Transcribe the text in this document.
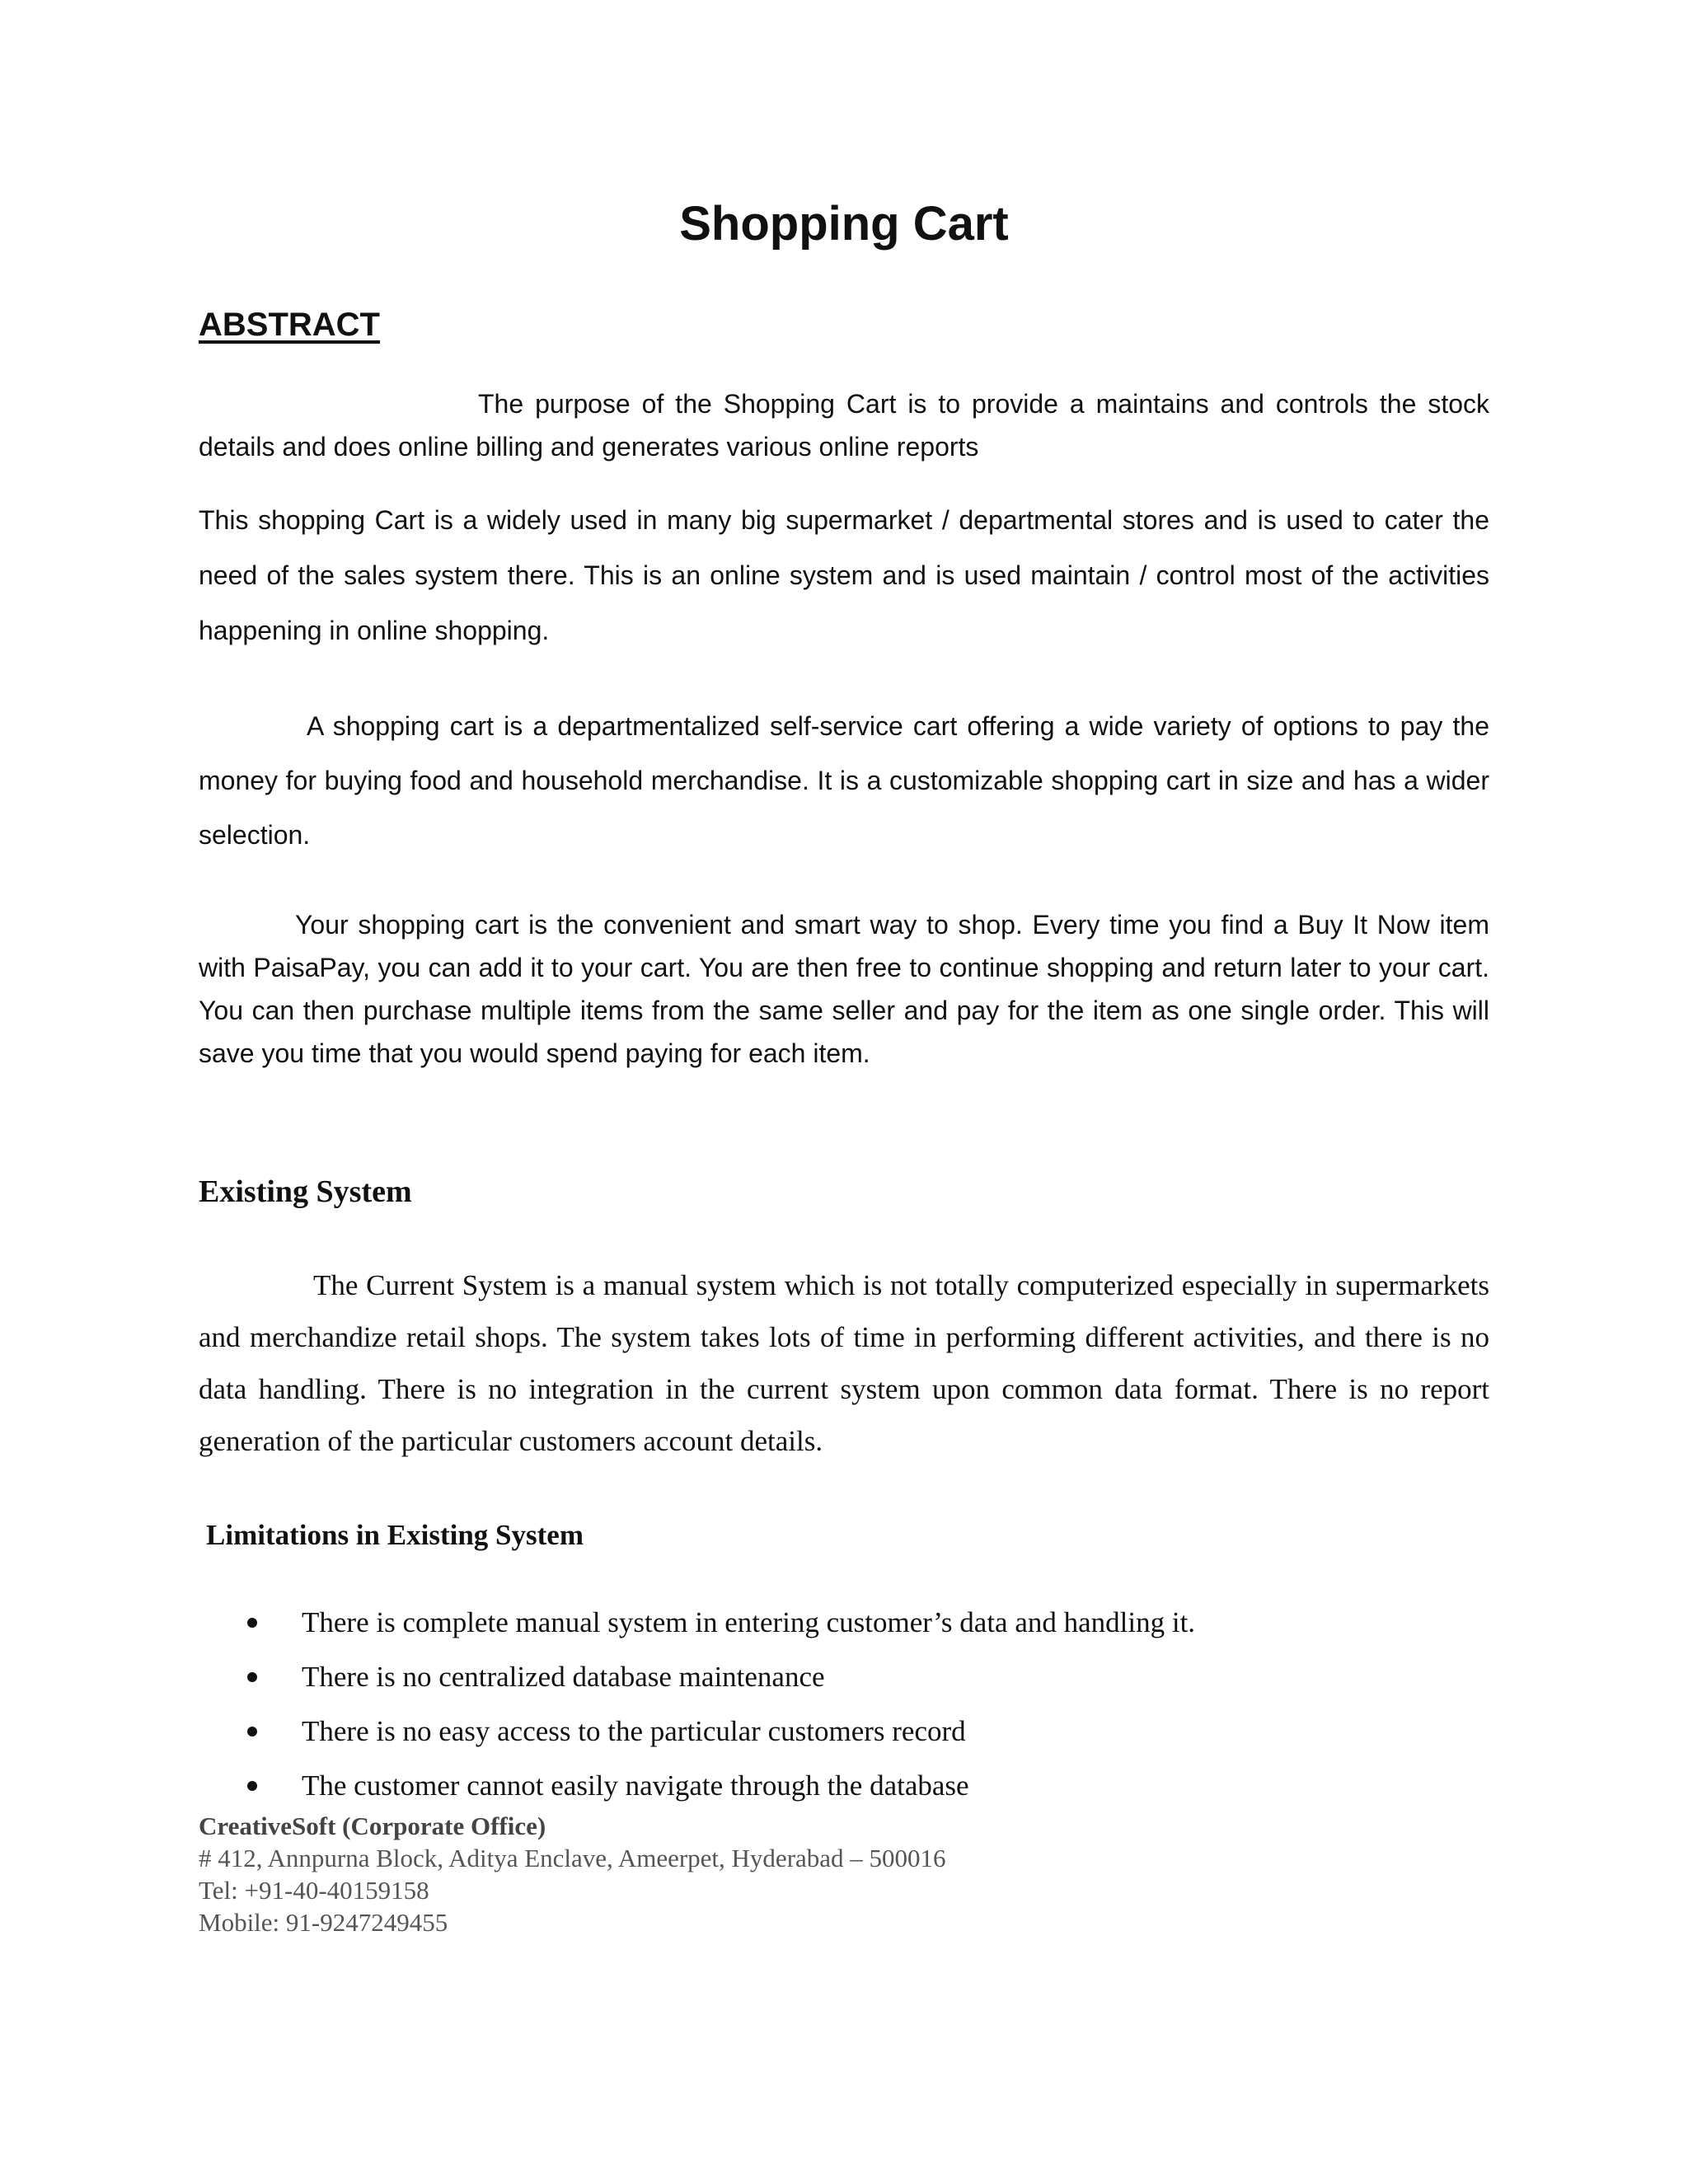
Shopping Cart
ABSTRACT

The purpose of the Shopping Cart is to provide a maintains and controls the stock details and does online billing and generates various online reports

This shopping Cart is a widely used in many big supermarket / departmental stores and is used to cater the need of the sales system there. This is an online system and is used maintain / control most of the activities happening in online shopping.

A shopping cart is a departmentalized self-service cart offering a wide variety of options to pay the money for buying food and household merchandise. It is a customizable shopping cart in size and has a wider selection.

Your shopping cart is the convenient and smart way to shop. Every time you find a Buy It Now item with PaisaPay, you can add it to your cart. You are then free to continue shopping and return later to your cart. You can then purchase multiple items from the same seller and pay for the item as one single order. This will save you time that you would spend paying for each item.

Existing System

The Current System is a manual system which is not totally computerized especially in supermarkets and merchandize retail shops. The system takes lots of time in performing different activities, and there is no data handling. There is no integration in the current system upon common data format. There is no report generation of the particular customers account details.

Limitations in Existing System
There is complete manual system in entering customer’s data and handling it.
There is no centralized database maintenance
There is no easy access to the particular customers record
The customer cannot easily navigate through the database
CreativeSoft (Corporate Office)
# 412, Annpurna Block, Aditya Enclave, Ameerpet, Hyderabad – 500016
Tel: +91-40-40159158
Mobile: 91-9247249455
